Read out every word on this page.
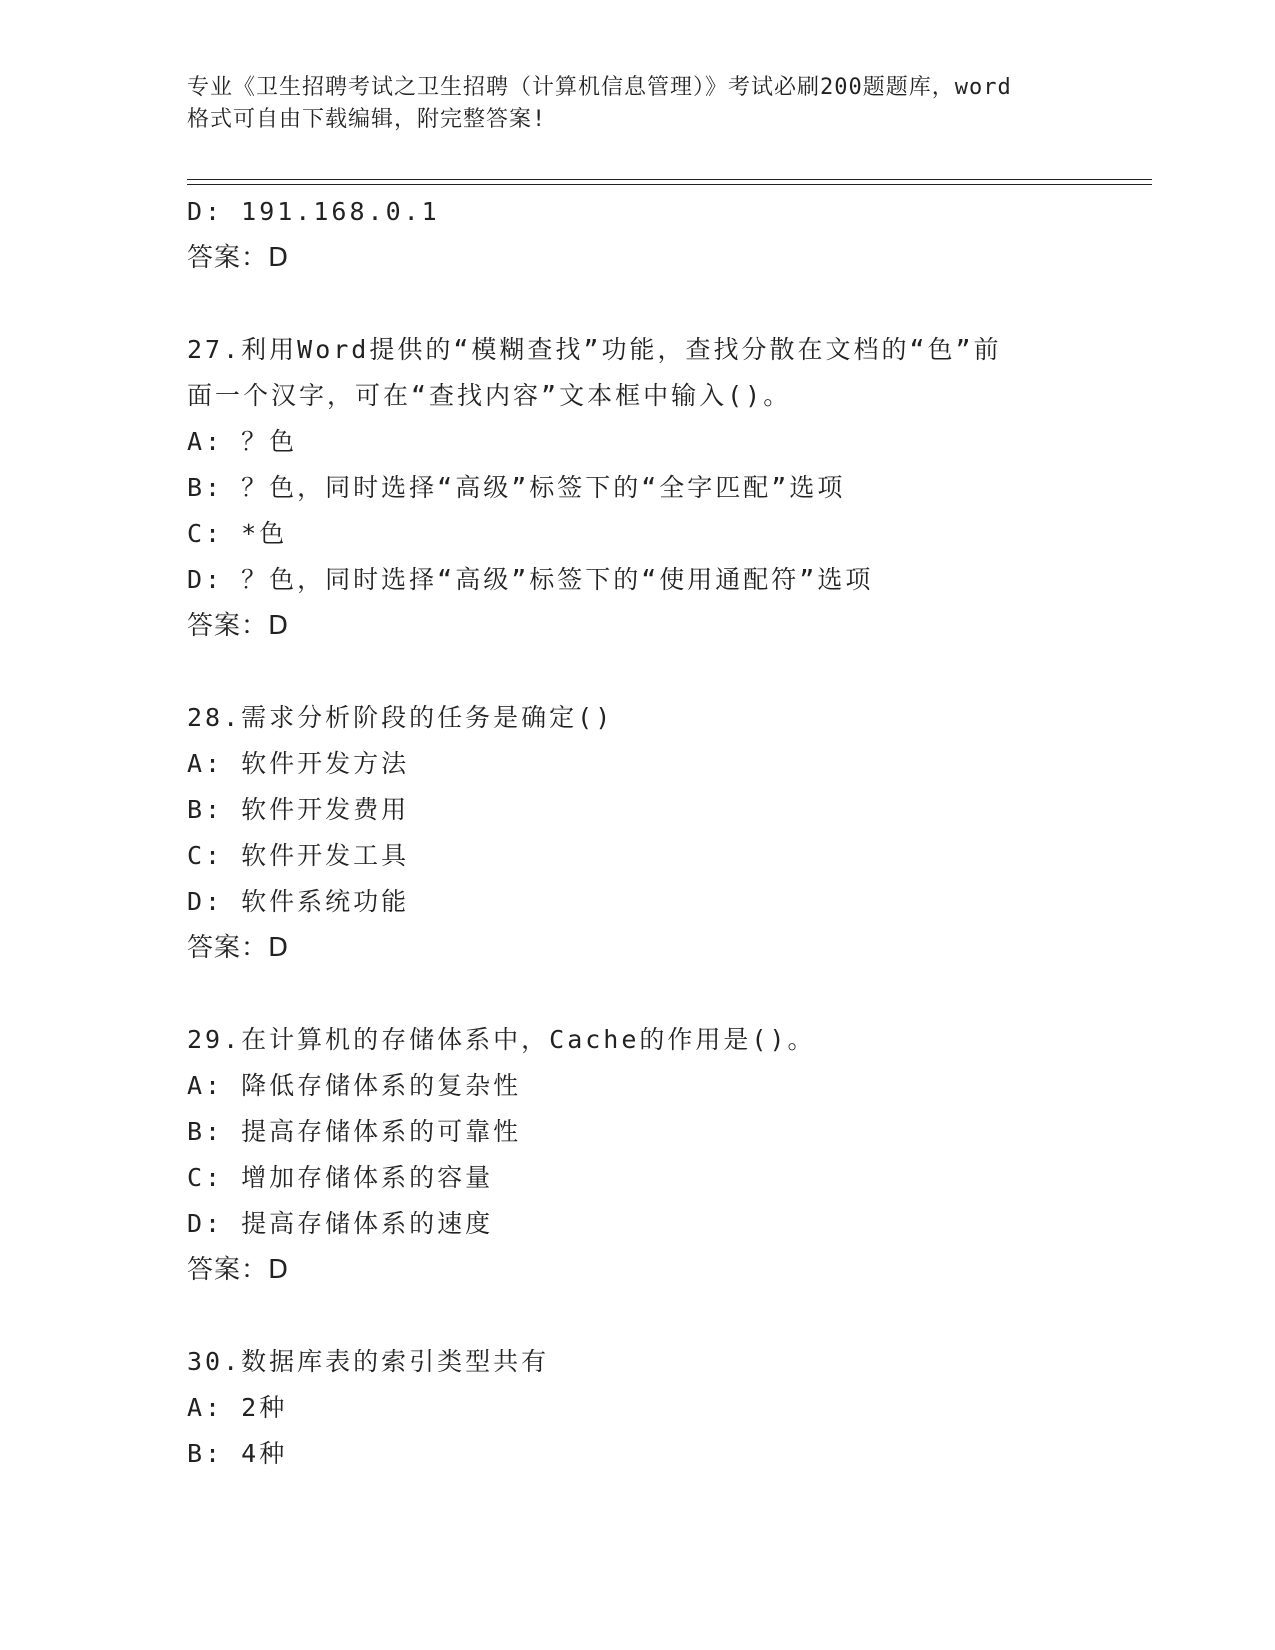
专业《卫生招聘考试之卫生招聘（计算机信息管理）》考试必刷200题题库，word
格式可自由下载编辑，附完整答案!
D: 191.168.0.1
答案：D
27.利用Word提供的“模糊查找”功能，查找分散在文档的“色”前
面一个汉字，可在“查找内容”文本框中输入()。
A: ？色
B: ？色，同时选择“高级”标签下的“全字匹配”选项
C: *色
D: ？色，同时选择“高级”标签下的“使用通配符”选项
答案：D
28.需求分析阶段的任务是确定()
A: 软件开发方法
B: 软件开发费用
C: 软件开发工具
D: 软件系统功能
答案：D
29.在计算机的存储体系中，Cache的作用是()。
A: 降低存储体系的复杂性
B: 提高存储体系的可靠性
C: 增加存储体系的容量
D: 提高存储体系的速度
答案：D
30.数据库表的索引类型共有
A: 2种
B: 4种
